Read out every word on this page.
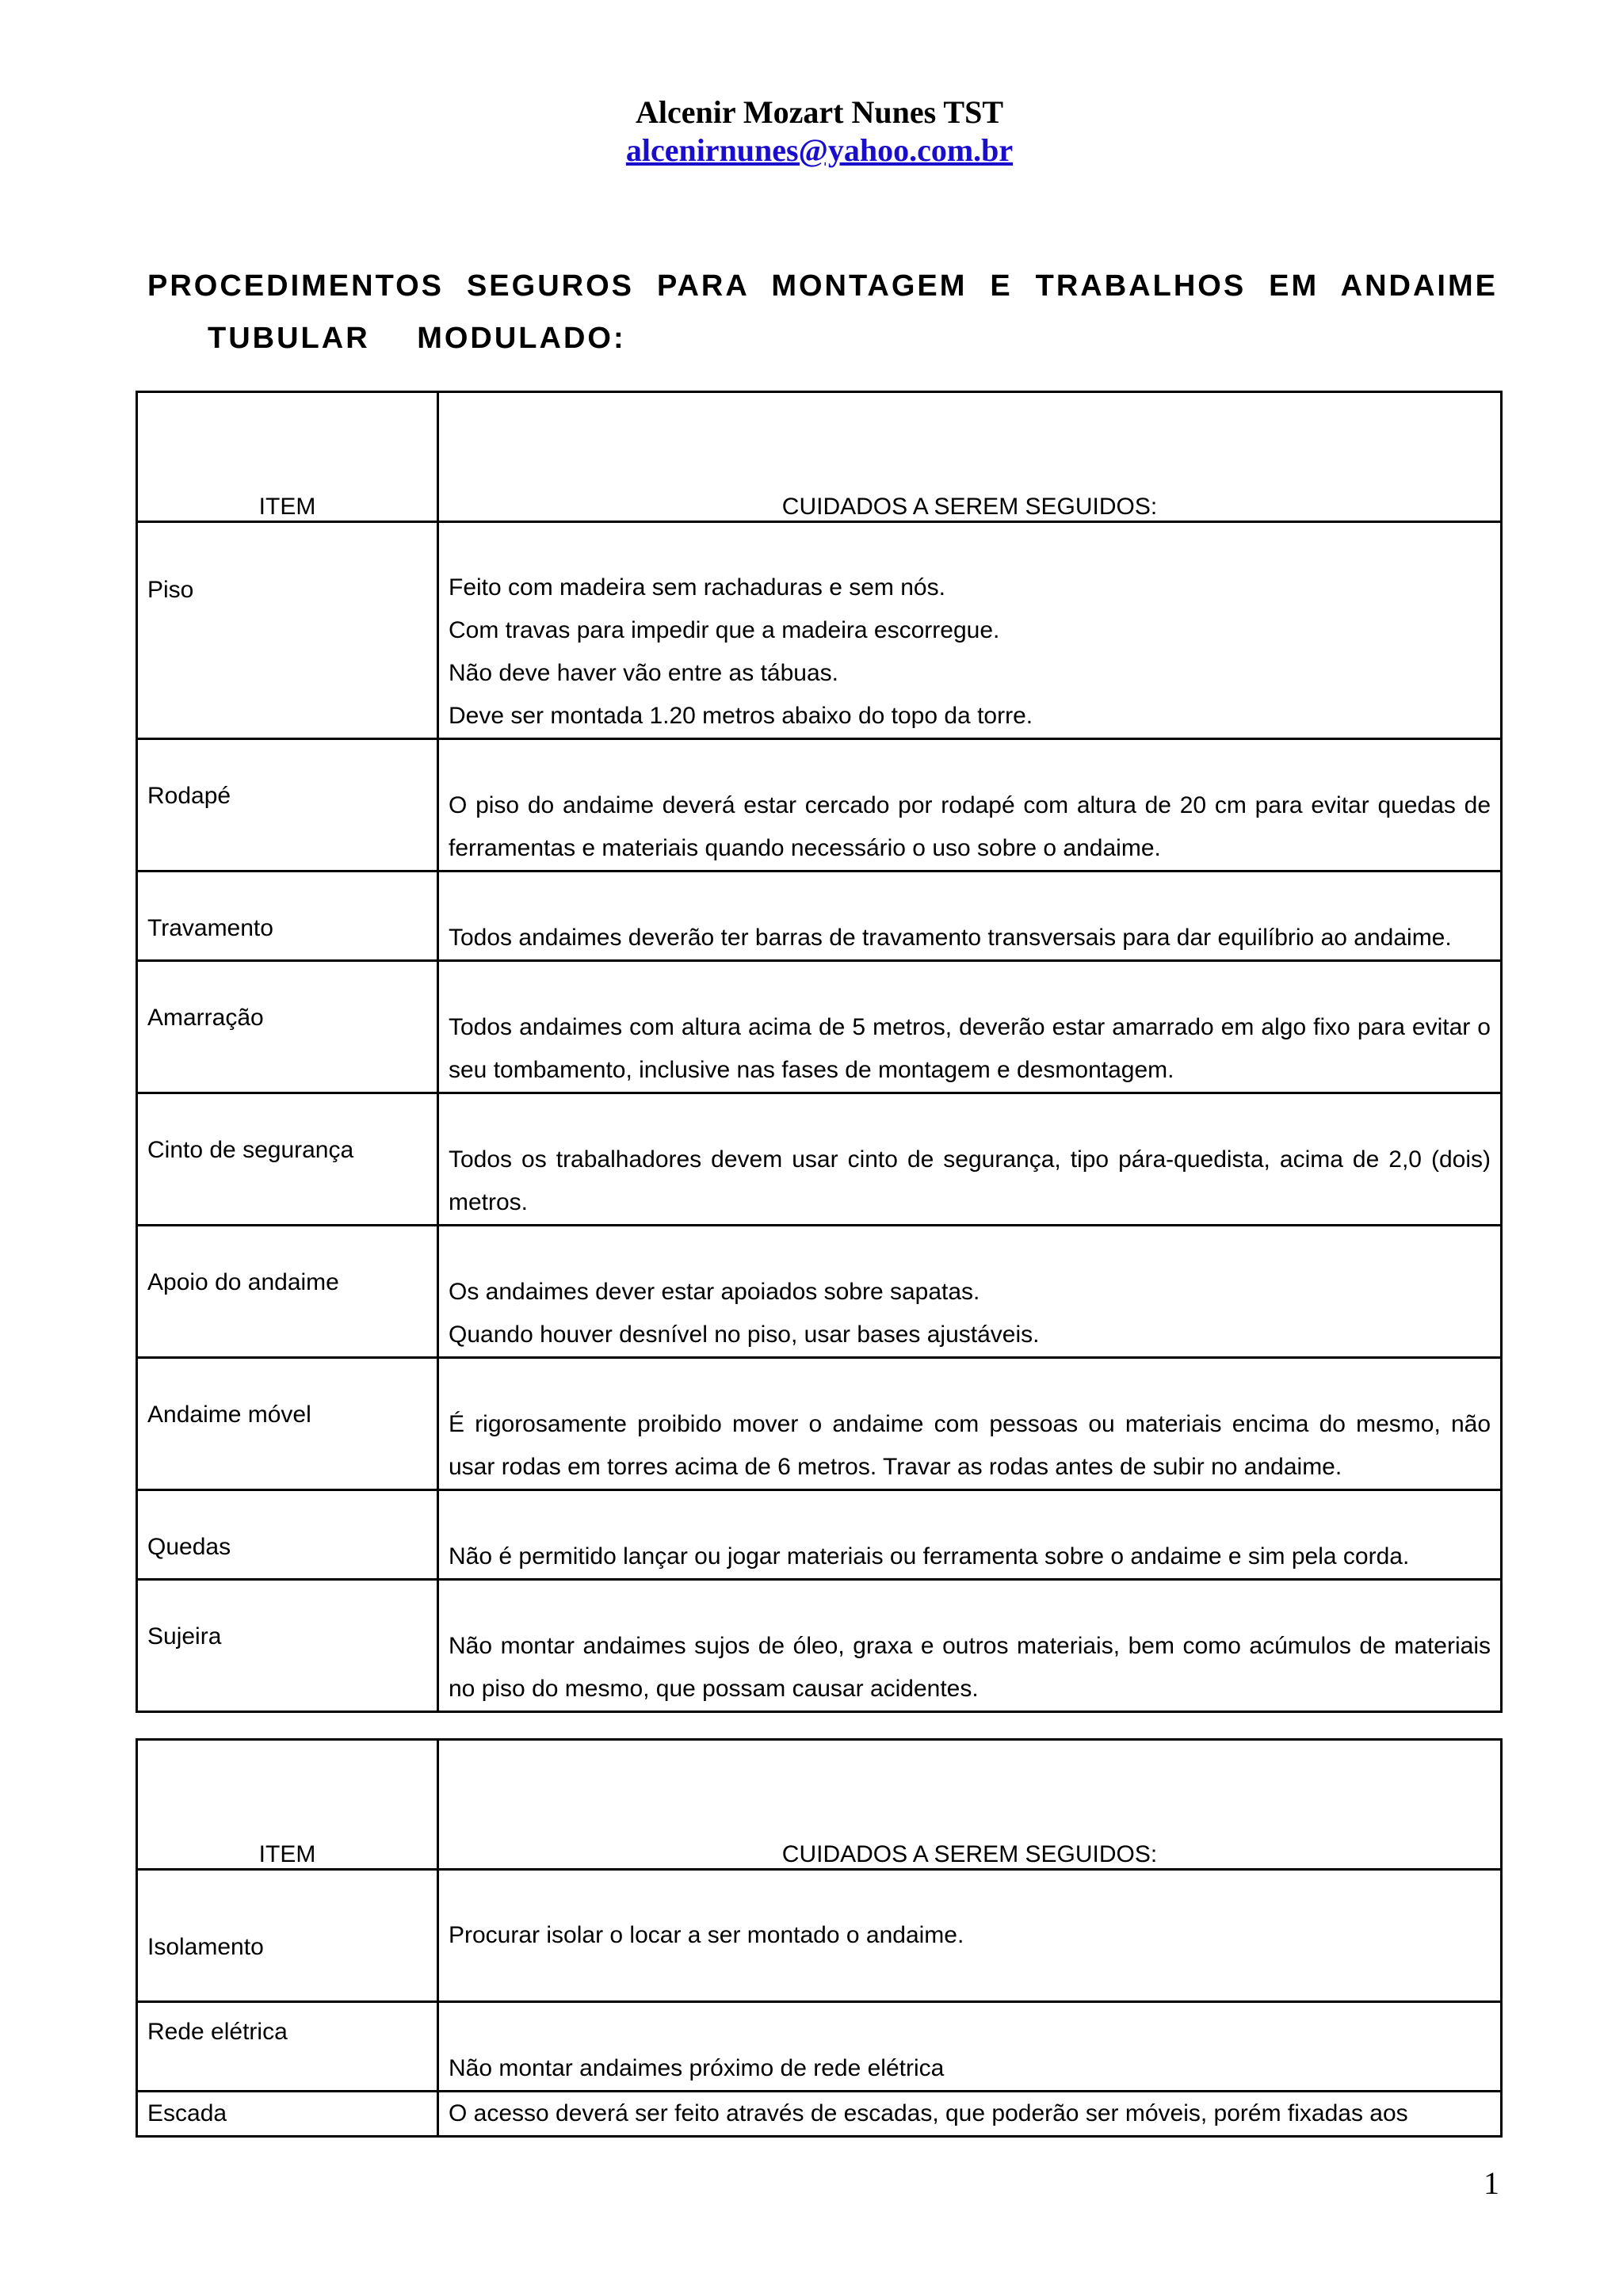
Alcenir Mozart Nunes TST
alcenirnunes@yahoo.com.br
PROCEDIMENTOS SEGUROS PARA MONTAGEM E TRABALHOS EM ANDAIME
TUBULAR MODULADO:
ITEM	CUIDADOS A SEREM SEGUIDOS:

Piso	Feito com madeira sem rachaduras e sem nós.
Com travas para impedir que a madeira escorregue.
Não deve haver vão entre as tábuas.
Deve ser montada 1.20 metros abaixo do topo da torre.

Rodapé	O piso do andaime deverá estar cercado por rodapé com altura de 20 cm para evitar quedas de ferramentas e materiais quando necessário o uso sobre o andaime.

Travamento	Todos andaimes deverão ter barras de travamento transversais para dar equilíbrio ao andaime.

Amarração	Todos andaimes com altura acima de 5 metros, deverão estar amarrado em algo fixo para evitar o seu tombamento, inclusive nas fases de montagem e desmontagem.

Cinto de segurança	Todos os trabalhadores devem usar cinto de segurança, tipo pára-quedista, acima de 2,0 (dois) metros.

Apoio do andaime	Os andaimes dever estar apoiados sobre sapatas.
Quando houver desnível no piso, usar bases ajustáveis.

Andaime móvel	É rigorosamente proibido mover o andaime com pessoas ou materiais encima do mesmo, não usar rodas em torres acima de 6 metros. Travar as rodas antes de subir no andaime.

Quedas	Não é permitido lançar ou jogar materiais ou ferramenta sobre o andaime e sim pela corda.

Sujeira	Não montar andaimes sujos de óleo, graxa e outros materiais, bem como acúmulos de materiais no piso do mesmo, que possam causar acidentes.
ITEM	CUIDADOS A SEREM SEGUIDOS:

Isolamento	Procurar isolar o locar a ser montado o andaime.

Rede elétrica	Não montar andaimes próximo de rede elétrica
Escada	O acesso deverá ser feito através de escadas, que poderão ser móveis, porém fixadas aos
1
